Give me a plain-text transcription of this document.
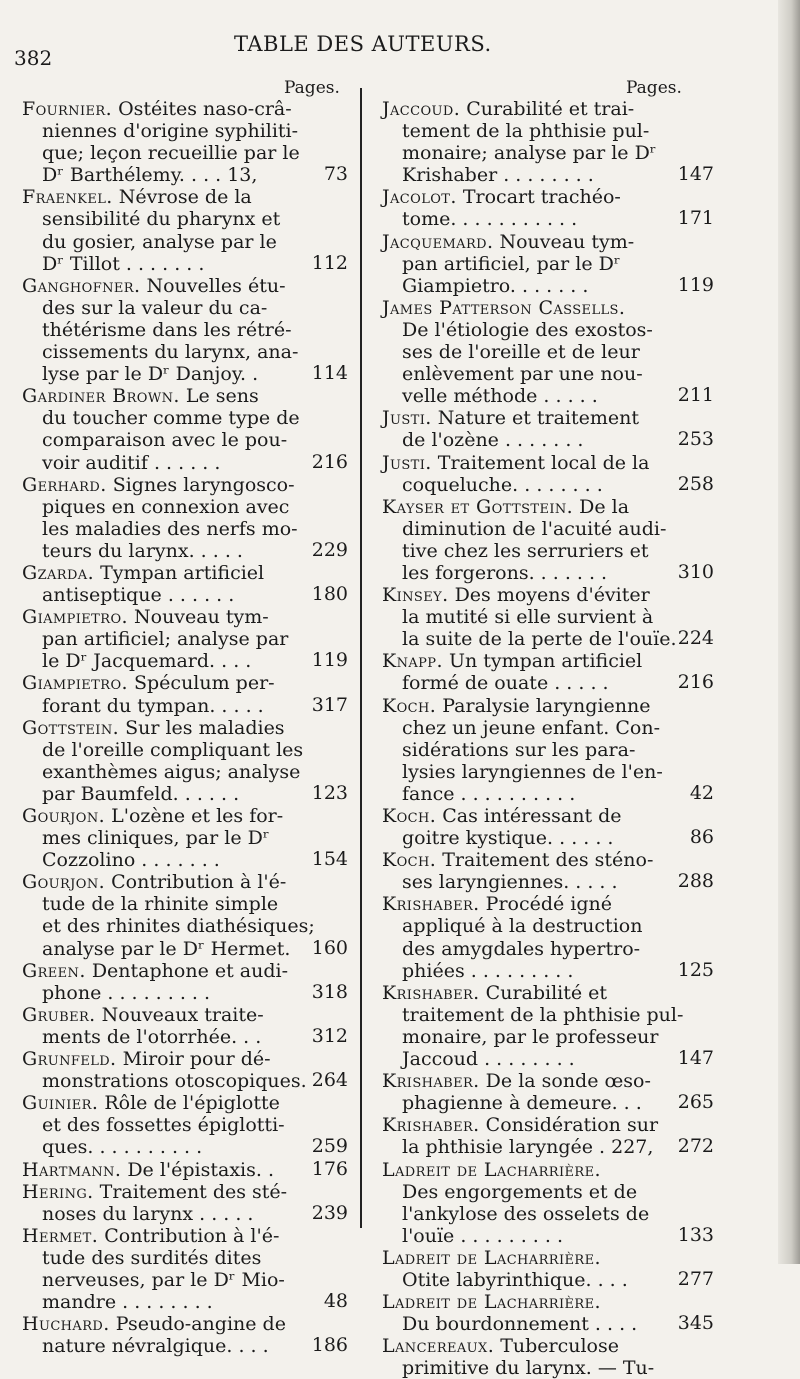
382
TABLE DES AUTEURS.
Pages.	Pages.
Fournier. Ostéites naso-crâ-
niennes d'origine syphiliti-
que; leçon recueillie par le
Dʳ Barthélemy. . . . 13,	73
Fraenkel. Névrose de la
sensibilité du pharynx et
du gosier, analyse par le
Dʳ Tillot . . . . . . .	112
Ganghofner. Nouvelles étu-
des sur la valeur du ca-
thétérisme dans les rétré-
cissements du larynx, ana-
lyse par le Dʳ Danjoy. .	114
Gardiner Brown. Le sens
du toucher comme type de
comparaison avec le pou-
voir auditif . . . . . .	216
Gerhard. Signes laryngosco-
piques en connexion avec
les maladies des nerfs mo-
teurs du larynx. . . . .	229
Gzarda. Tympan artificiel
antiseptique . . . . . .	180
Giampietro. Nouveau tym-
pan artificiel; analyse par
le Dʳ Jacquemard. . . .	119
Giampietro. Spéculum per-
forant du tympan. . . . .	317
Gottstein. Sur les maladies
de l'oreille compliquant les
exanthèmes aigus; analyse
par Baumfeld. . . . . .	123
Gourjon. L'ozène et les for-
mes cliniques, par le Dʳ
Cozzolino . . . . . . .	154
Gourjon. Contribution à l'é-
tude de la rhinite simple
et des rhinites diathésiques;
analyse par le Dʳ Hermet.	160
Green. Dentaphone et audi-
phone . . . . . . . . .	318
Gruber. Nouveaux traite-
ments de l'otorrhée. . .	312
Grunfeld. Miroir pour dé-
monstrations otoscopiques. 264
Guinier. Rôle de l'épiglotte
et des fossettes épiglotti-
ques. . . . . . . . . .	259
Hartmann. De l'épistaxis. .	176
Hering. Traitement des sté-
noses du larynx . . . . .	239
Hermet. Contribution à l'é-
tude des surdités dites
nerveuses, par le Dʳ Mio-
mandre . . . . . . . .	48
Huchard. Pseudo-angine de
nature névralgique. . . .	186
Jaccoud. Curabilité et trai-
tement de la phthisie pul-
monaire; analyse par le Dʳ
Krishaber . . . . . . . .	147
Jacolot. Trocart trachéo-
tome. . . . . . . . . . .	171
Jacquemard. Nouveau tym-
pan artificiel, par le Dʳ
Giampietro. . . . . . .	119
James Patterson Cassells.
De l'étiologie des exostos-
ses de l'oreille et de leur
enlèvement par une nou-
velle méthode . . . . .	211
Justi. Nature et traitement
de l'ozène . . . . . . .	253
Justi. Traitement local de la
coqueluche. . . . . . . .	258
Kayser et Gottstein. De la
diminution de l'acuité audi-
tive chez les serruriers et
les forgerons. . . . . . .	310
Kinsey. Des moyens d'éviter
la mutité si elle survient à
la suite de la perte de l'ouïe. 224
Knapp. Un tympan artificiel
formé de ouate . . . . .	216
Koch. Paralysie laryngienne
chez un jeune enfant. Con-
sidérations sur les para-
lysies laryngiennes de l'en-
fance . . . . . . . . . .	42
Koch. Cas intéressant de
goitre kystique. . . . . .	86
Koch. Traitement des sténo-
ses laryngiennes. . . . .	288
Krishaber. Procédé igné
appliqué à la destruction
des amygdales hypertro-
phiées . . . . . . . . .	125
Krishaber. Curabilité et
traitement de la phthisie pul-
monaire, par le professeur
Jaccoud . . . . . . . .	147
Krishaber. De la sonde œso-
phagienne à demeure. . .	265
Krishaber. Considération sur
la phthisie laryngée . 227,	272
Ladreit de Lacharrière.
Des engorgements et de
l'ankylose des osselets de
l'ouïe . . . . . . . . .	133
Ladreit de Lacharrière.
Otite labyrinthique. . . .	277
Ladreit de Lacharrière.
Du bourdonnement . . . .	345
Lancereaux. Tuberculose
primitive du larynx. — Tu-
